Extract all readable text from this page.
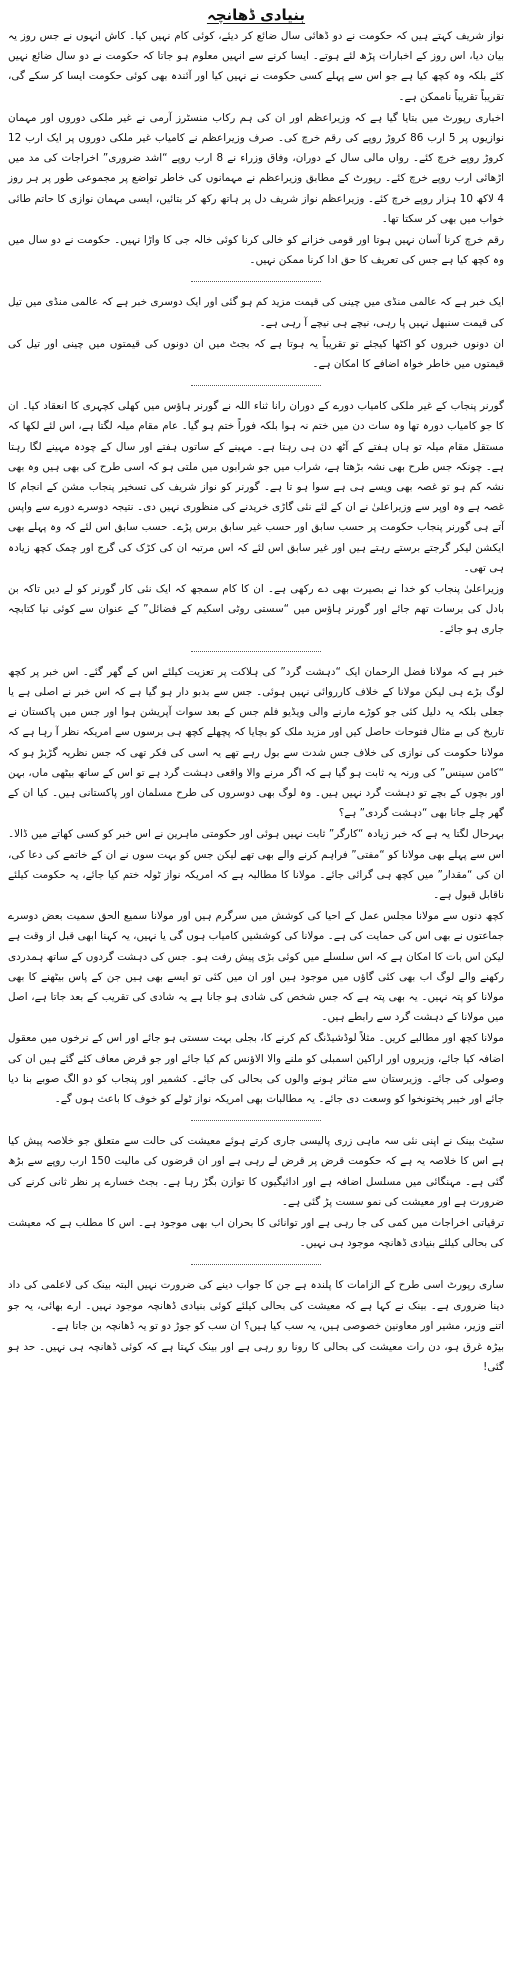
بنیادی ڈھانچہ

نواز شریف کہتے ہیں کہ حکومت نے دو ڈھائی سال ضائع کر دیئے، کوئی کام نہیں کیا۔ کاش انہوں نے جس روز یہ بیان دیا، اس روز کے اخبارات پڑھ لئے ہوتے۔ ایسا کرنے سے انہیں معلوم ہو جاتا کہ حکومت نے دو سال ضائع نہیں کئے بلکہ وہ کچھ کیا ہے جو اس سے پہلے کسی حکومت نے نہیں کیا اور آئندہ بھی کوئی حکومت ایسا کر سکے گی، تقریباً تقریباً ناممکن ہے۔

اخباری رپورٹ میں بتایا گیا ہے کہ وزیراعظم اور ان کی ہم رکاب منسٹرز آرمی نے غیر ملکی دوروں اور مہمان نوازیوں پر 5 ارب 86 کروڑ روپے کی رقم خرچ کی۔ صرف وزیراعظم نے کامیاب غیر ملکی دوروں پر ایک ارب 12 کروڑ روپے خرچ کئے۔ رواں مالی سال کے دوران، وفاق وزراء نے 8 ارب روپے “اشد ضروری” اخراجات کی مد میں اڑھائی ارب روپے خرچ کئے۔ رپورٹ کے مطابق وزیراعظم نے مہمانوں کی خاطر تواضع پر مجموعی طور پر ہر روز 4 لاکھ 10 ہزار روپے خرچ کئے۔ وزیراعظم نواز شریف دل پر ہاتھ رکھ کر بتائیں، ایسی مہمان نوازی کا حاتم طائی خواب میں بھی کر سکتا تھا۔

رقم خرچ کرنا آسان نہیں ہوتا اور قومی خزانے کو خالی کرنا کوئی خالہ جی کا واڑا نہیں۔ حکومت نے دو سال میں وہ کچھ کیا ہے جس کی تعریف کا حق ادا کرنا ممکن نہیں۔

ایک خبر ہے کہ عالمی منڈی میں چینی کی قیمت مزید کم ہو گئی اور ایک دوسری خبر ہے کہ عالمی منڈی میں تیل کی قیمت سنبھل نہیں پا رہی، نیچے ہی نیچے آ رہی ہے۔

ان دونوں خبروں کو اکٹھا کیجئے تو تقریباً یہ ہوتا ہے کہ بجٹ میں ان دونوں کی قیمتوں میں چینی اور تیل کی قیمتوں میں خاطر خواہ اضافے کا امکان ہے۔

گورنر پنجاب کے غیر ملکی کامیاب دورے کے دوران رانا ثناء اللہ نے گورنر ہاؤس میں کھلی کچہری کا انعقاد کیا۔ ان کا جو کامیاب دورہ تھا وہ سات دن میں ختم نہ ہوا بلکہ فوراً ختم ہو گیا۔ عام مقام میلہ لگتا ہے، اس لئے لکھا کہ مستقل مقام میلہ تو ہاں ہفتے کے آٹھ دن ہی رہتا ہے۔ مہینے کے ساتوں ہفتے اور سال کے چودہ مہینے لگا رہتا ہے۔ چونکہ جس طرح بھی نشہ بڑھتا ہے، شراب میں جو شرابوں میں ملتی ہو کہ اسی طرح کی بھی ہیں وہ بھی نشہ کم ہو تو غصہ بھی ویسے ہی ہے سوا ہو تا ہے۔ گورنر کو نواز شریف کی تسخیر پنجاب مشن کے انجام کا غصہ ہے وہ اوپر سے وزیراعلیٰ نے ان کے لئے نئی گاڑی خریدنے کی منظوری نہیں دی۔ نتیجہ دوسرے دورے سے واپس آتے ہی گورنر پنجاب حکومت پر حسب سابق اور حسب غیر سابق برس پڑے۔ حسب سابق اس لئے کہ وہ پہلے بھی ایکشن لیکر گرجتے برستے رہتے ہیں اور غیر سابق اس لئے کہ اس مرتبہ ان کی کڑک کی گرج اور چمک کچھ زیادہ ہی تھی۔

وزیراعلیٰ پنجاب کو خدا نے بصیرت بھی دے رکھی ہے۔ ان کا کام سمجھ کہ ایک نئی کار گورنر کو لے دیں تاکہ بن بادل کی برسات تھم جائے اور گورنر ہاؤس میں “سستی روٹی اسکیم کے فضائل” کے عنوان سے کوئی نیا کتابچہ جاری ہو جائے۔

خبر ہے کہ مولانا فضل الرحمان ایک “دہشت گرد” کی ہلاکت پر تعزیت کیلئے اس کے گھر گئے۔ اس خبر پر کچھ لوگ بڑے ہی لیکن مولانا کے خلاف کارروائی نہیں ہوئی۔ جس سے بدبو دار ہو گیا ہے کہ اس خبر نے اصلی ہے یا جعلی بلکہ یہ دلیل کئی جو کوڑے مارنے والی ویڈیو فلم جس کے بعد سوات آپریشن ہوا اور جس میں پاکستان نے تاریخ کی بے مثال فتوحات حاصل کیں اور مزید ملک کو بچایا کہ پچھلے کچھ ہی برسوں سے امریکہ نظر آ رہا ہے کہ مولانا حکومت کی نوازی کی خلاف جس شدت سے بول رہے تھے یہ اسی کی فکر تھی کہ جس نظریہ گڑبڑ ہو کہ “کامن سینس” کی ورنہ یہ ثابت ہو گیا ہے کہ اگر مرنے والا واقعی دہشت گرد ہے تو اس کے ساتھ بیٹھی ماں، بہن اور بچوں کے بچے تو دہشت گرد نہیں ہیں۔ وہ لوگ بھی دوسروں کی طرح مسلمان اور پاکستانی ہیں۔ کیا ان کے گھر چلے جانا بھی “دہشت گردی” ہے؟

بہرحال لگتا یہ ہے کہ خبر زیادہ “کارگر” ثابت نہیں ہوئی اور حکومتی ماہرین نے اس خبر کو کسی کھاتے میں ڈالا۔ اس سے پہلے بھی مولانا کو “مفتی” فراہم کرنے والے بھی تھے لیکن جس کو بہت سوں نے ان کے خاتمے کی دعا کی، ان کی “مقدار” میں کچھ ہی گرائی جائے۔ مولانا کا مطالبہ ہے کہ امریکہ نواز ٹولہ ختم کیا جائے، یہ حکومت کیلئے ناقابل قبول ہے۔

کچھ دنوں سے مولانا مجلس عمل کے احیا کی کوشش میں سرگرم ہیں اور مولانا سمیع الحق سمیت بعض دوسرے جماعتوں نے بھی اس کی حمایت کی ہے۔ مولانا کی کوششیں کامیاب ہوں گی یا نہیں، یہ کہنا ابھی قبل از وقت ہے لیکن اس بات کا امکان ہے کہ اس سلسلے میں کوئی بڑی پیش رفت ہو۔ جس کی دہشت گردوں کے ساتھ ہمدردی رکھنے والے لوگ اب بھی کئی گاؤں میں موجود ہیں اور ان میں کئی تو ایسے بھی ہیں جن کے پاس بیٹھنے کا بھی مولانا کو پتہ نہیں۔ یہ بھی پتہ ہے کہ جس شخص کی شادی ہو جانا ہے یہ شادی کی تقریب کے بعد جاتا ہے، اصل میں مولانا کے دہشت گرد سے رابطے ہیں۔

مولانا کچھ اور مطالبے کریں۔ مثلاً لوڈشیڈنگ کم کرنے کا، بجلی بہت سستی ہو جائے اور اس کے نرخوں میں معقول اضافہ کیا جائے، وزیروں اور اراکین اسمبلی کو ملنے والا الاؤنس کم کیا جائے اور جو قرض معاف کئے گئے ہیں ان کی وصولی کی جائے۔ وزیرستان سے متاثر ہونے والوں کی بحالی کی جائے۔ کشمیر اور پنجاب کو دو الگ صوبے بنا دیا جائے اور خیبر پختونخوا کو وسعت دی جائے۔ یہ مطالبات بھی امریکہ نواز ٹولے کو خوف کا باعث ہوں گے۔

سٹیٹ بینک نے اپنی نئی سہ ماہی زری پالیسی جاری کرتے ہوئے معیشت کی حالت سے متعلق جو خلاصہ پیش کیا ہے اس کا خلاصہ یہ ہے کہ حکومت قرض پر قرض لے رہی ہے اور ان قرضوں کی مالیت 150 ارب روپے سے بڑھ گئی ہے۔ مہنگائی میں مسلسل اضافہ ہے اور ادائیگیوں کا توازن بگڑ رہا ہے۔ بجٹ خسارے پر نظر ثانی کرنے کی ضرورت ہے اور معیشت کی نمو سست پڑ گئی ہے۔

ترقیاتی اخراجات میں کمی کی جا رہی ہے اور توانائی کا بحران اب بھی موجود ہے۔ اس کا مطلب ہے کہ معیشت کی بحالی کیلئے بنیادی ڈھانچہ موجود ہی نہیں۔

ساری رپورٹ اسی طرح کے الزامات کا پلندہ ہے جن کا جواب دینے کی ضرورت نہیں البتہ بینک کی لاعلمی کی داد دینا ضروری ہے۔ بینک نے کہا ہے کہ معیشت کی بحالی کیلئے کوئی بنیادی ڈھانچہ موجود نہیں۔ ارے بھائی، یہ جو اتنے وزیر، مشیر اور معاونین خصوصی ہیں، یہ سب کیا ہیں؟ ان سب کو جوڑ دو تو یہ ڈھانچہ بن جاتا ہے۔

بیڑہ غرق ہو، دن رات معیشت کی بحالی کا رونا رو رہی ہے اور بینک کہتا ہے کہ کوئی ڈھانچہ ہی نہیں۔ حد ہو گئی!
